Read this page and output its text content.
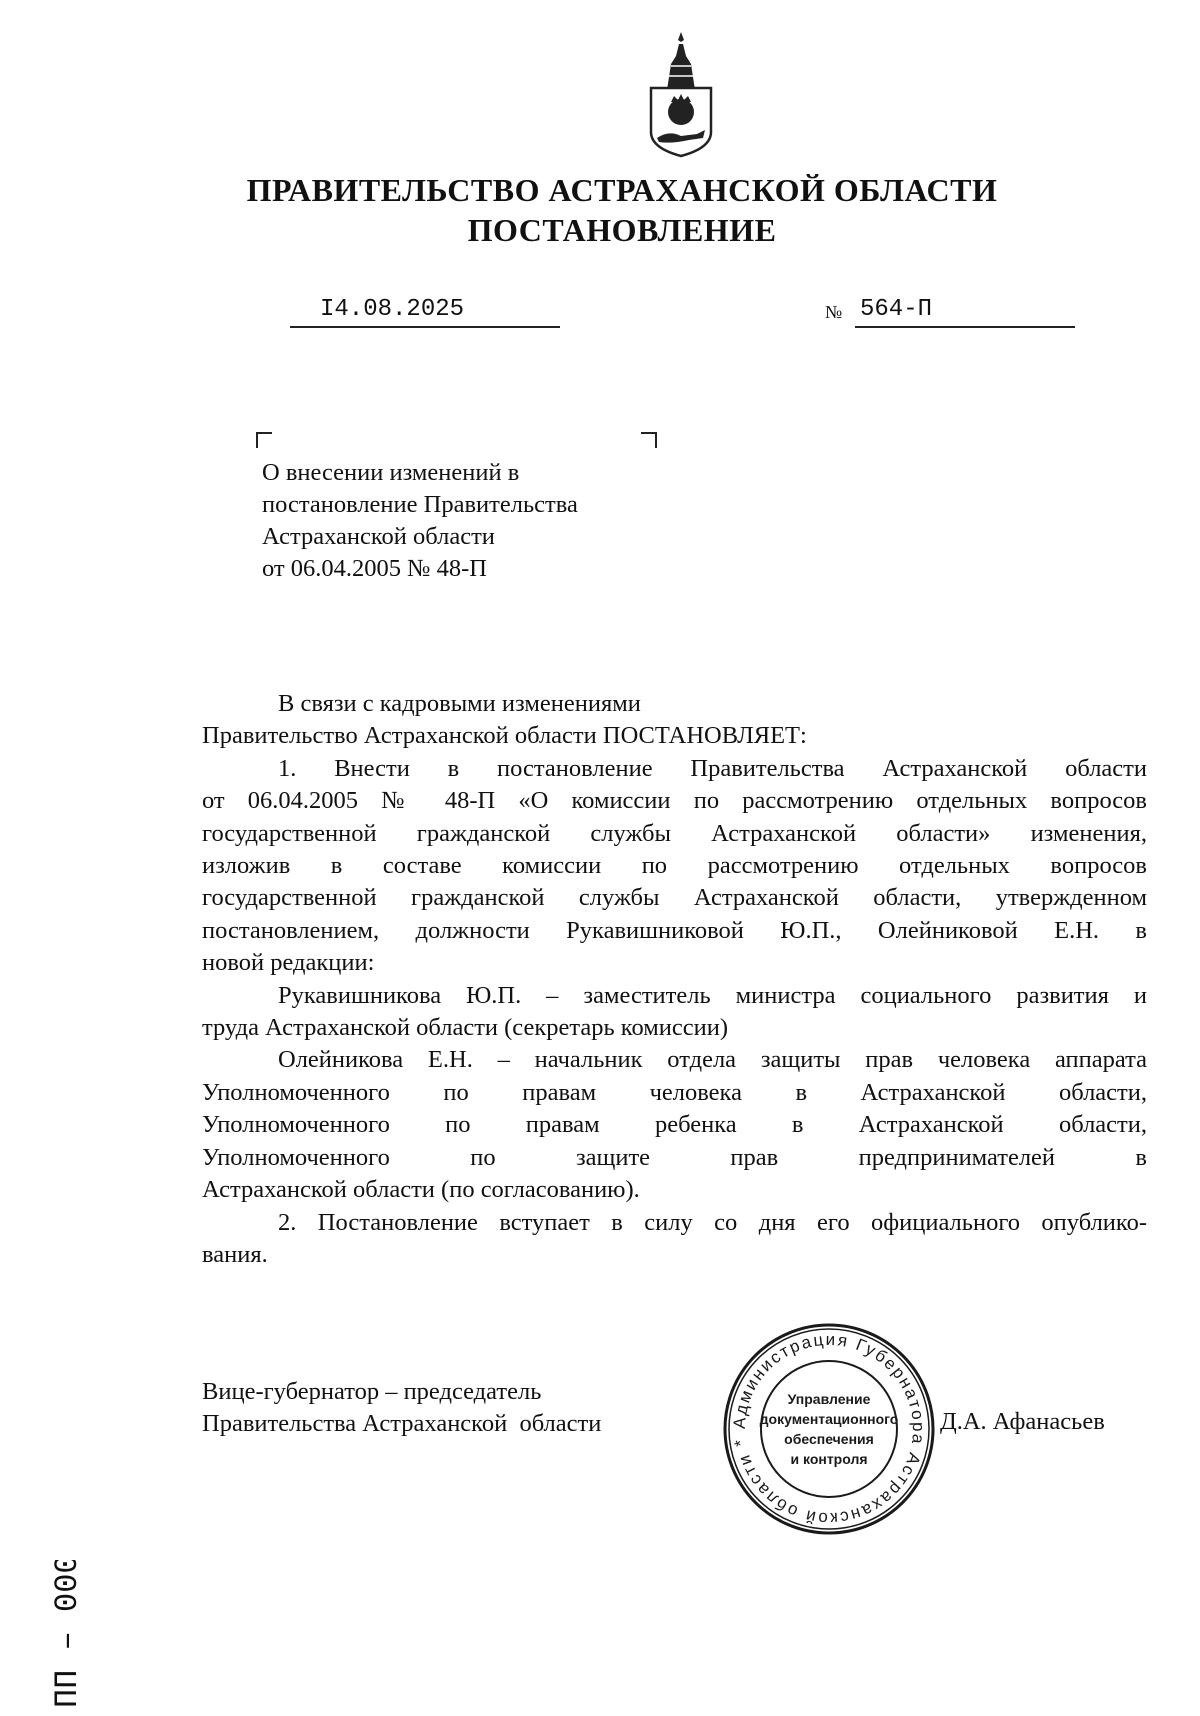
ПРАВИТЕЛЬСТВО АСТРАХАНСКОЙ ОБЛАСТИ
ПОСТАНОВЛЕНИЕ
I4.08.2025	№ 564-П
О внесении изменений в
постановление Правительства
Астраханской области
от 06.04.2005 № 48-П
В связи с кадровыми изменениями
Правительство Астраханской области ПОСТАНОВЛЯЕТ:
1. Внести в постановление Правительства Астраханской области
от 06.04.2005 № 48-П «О комиссии по рассмотрению отдельных вопросов
государственной гражданской службы Астраханской области» изменения,
изложив в составе комиссии по рассмотрению отдельных вопросов
государственной гражданской службы Астраханской области, утвержденном
постановлением, должности Рукавишниковой Ю.П., Олейниковой Е.Н. в
новой редакции:
Рукавишникова Ю.П. – заместитель министра социального развития и
труда Астраханской области (секретарь комиссии)
Олейникова Е.Н. – начальник отдела защиты прав человека аппарата
Уполномоченного по правам человека в Астраханской области,
Уполномоченного по правам ребенка в Астраханской области,
Уполномоченного по защите прав предпринимателей в
Астраханской области (по согласованию).
2. Постановление вступает в силу со дня его официального опублико-
вания.
Вице-губернатор – председатель
Правительства Астраханской  области	Администрация Губернатора Астраханской области *
Управление
документационного
обеспечения
и контроля
Д.А. Афанасьев
ПП – 000929
